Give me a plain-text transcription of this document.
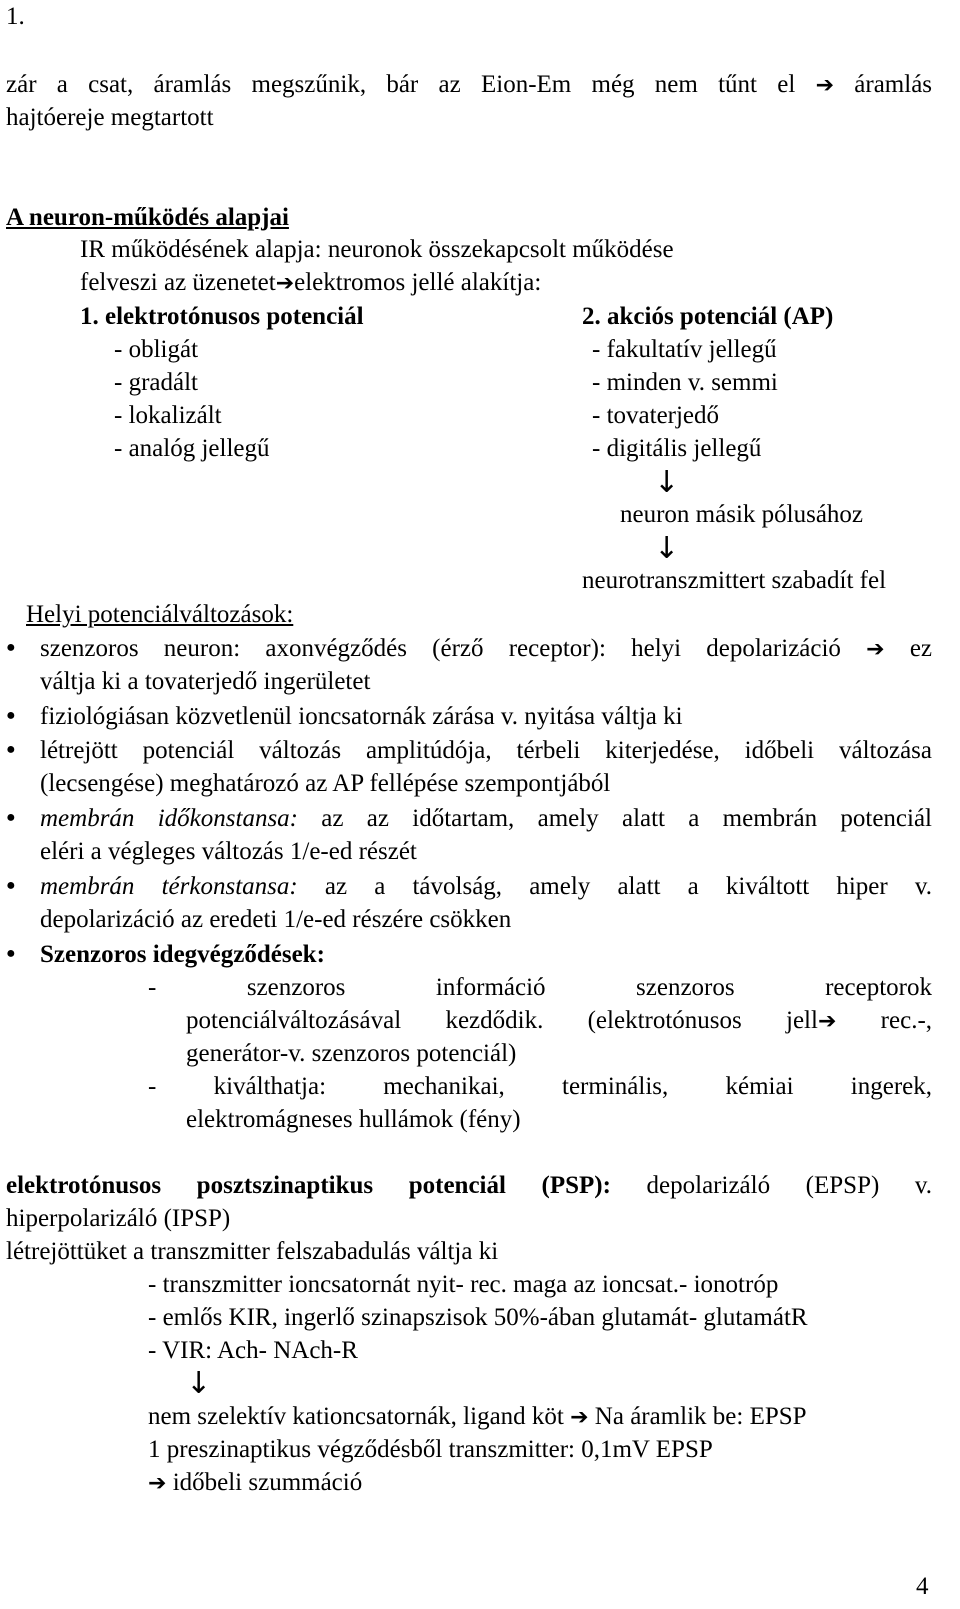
1.
zár a csat, áramlás megszűnik, bár az Eion-Em még nem tűnt el ➔ áramlás
hajtóereje megtartott
A neuron-működés alapjai
IR működésének alapja: neuronok összekapcsolt működése
felveszi az üzenetet➔elektromos jellé alakítja:
1. elektrotónusos potenciál
- obligát
- gradált
- lokalizált
- analóg jellegű
2. akciós potenciál (AP)
- fakultatív jellegű
- minden v. semmi
- tovaterjedő
- digitális jellegű
↓
neuron másik pólusához
↓
neurotranszmittert szabadít fel
Helyi potenciálváltozások:
● szenzoros neuron: axonvégződés (érző receptor): helyi depolarizáció ➔ ez
váltja ki a tovaterjedő ingerületet
● fiziológiásan közvetlenül ioncsatornák zárása v. nyitása váltja ki
● létrejött potenciál változás amplitúdója, térbeli kiterjedése, időbeli változása
(lecsengése) meghatározó az AP fellépése szempontjából
● membrán időkonstansa: az az időtartam, amely alatt a membrán potenciál
eléri a végleges változás 1/e-ed részét
● membrán térkonstansa: az a távolság, amely alatt a kiváltott hiper v.
depolarizáció az eredeti 1/e-ed részére csökken
● Szenzoros idegvégződések:
- szenzoros információ szenzoros receptorok
potenciálváltozásával kezdődik. (elektrotónusos jell➔ rec.-,
generátor-v. szenzoros potenciál)
- kiválthatja: mechanikai, terminális, kémiai ingerek,
elektromágneses hullámok (fény)
elektrotónusos posztszinaptikus potenciál (PSP): depolarizáló (EPSP) v.
hiperpolarizáló (IPSP)
létrejöttüket a transzmitter felszabadulás váltja ki
- transzmitter ioncsatornát nyit- rec. maga az ioncsat.- ionotróp
- emlős KIR, ingerlő szinapszisok 50%-ában glutamát- glutamátR
- VIR: Ach- NAch-R
↓
nem szelektív kationcsatornák, ligand köt ➔ Na áramlik be: EPSP
1 preszinaptikus végződésből transzmitter: 0,1mV EPSP
➔ időbeli szummáció
4
